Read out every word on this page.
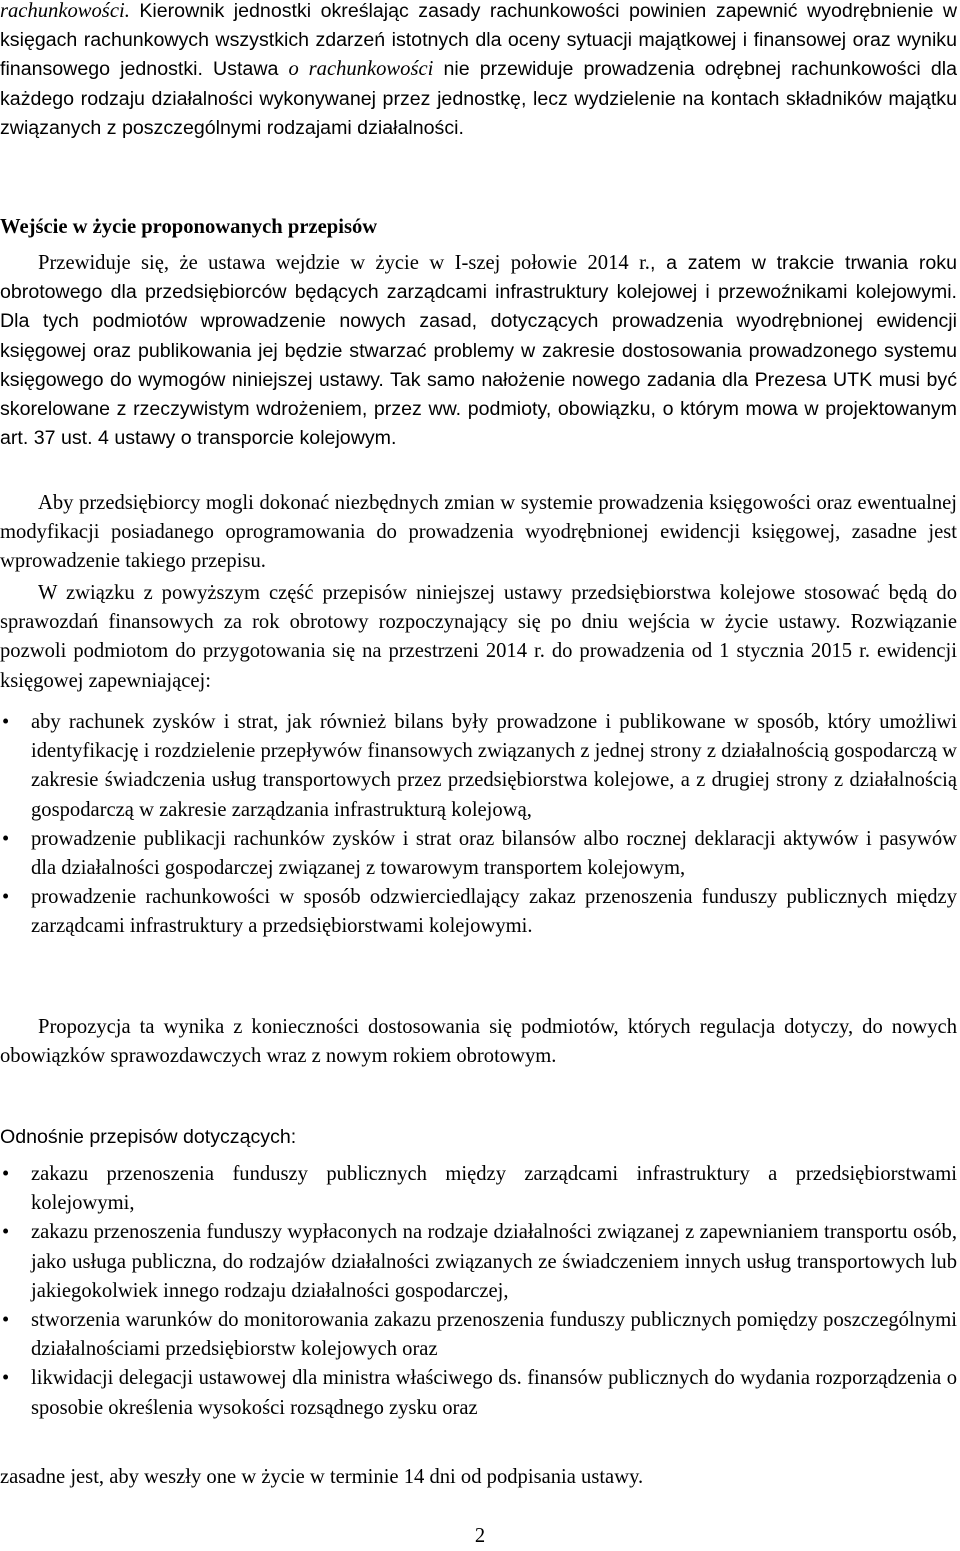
rachunkowości. Kierownik jednostki określając zasady rachunkowości powinien zapewnić wyodrębnienie w księgach rachunkowych wszystkich zdarzeń istotnych dla oceny sytuacji majątkowej i finansowej oraz wyniku finansowego jednostki. Ustawa o rachunkowości nie przewiduje prowadzenia odrębnej rachunkowości dla każdego rodzaju działalności wykonywanej przez jednostkę, lecz wydzielenie na kontach składników majątku związanych z poszczególnymi rodzajami działalności.

Wejście w życie proponowanych przepisów

Przewiduje się, że ustawa wejdzie w życie w I-szej połowie 2014 r., a zatem w trakcie trwania roku obrotowego dla przedsiębiorców będących zarządcami infrastruktury kolejowej i przewoźnikami kolejowymi. Dla tych podmiotów wprowadzenie nowych zasad, dotyczących prowadzenia wyodrębnionej ewidencji księgowej oraz publikowania jej będzie stwarzać problemy w zakresie dostosowania prowadzonego systemu księgowego do wymogów niniejszej ustawy. Tak samo nałożenie nowego zadania dla Prezesa UTK musi być skorelowane z rzeczywistym wdrożeniem, przez ww. podmioty, obowiązku, o którym mowa w projektowanym art. 37 ust. 4 ustawy o transporcie kolejowym.

Aby przedsiębiorcy mogli dokonać niezbędnych zmian w systemie prowadzenia księgowości oraz ewentualnej modyfikacji posiadanego oprogramowania do prowadzenia wyodrębnionej ewidencji księgowej, zasadne jest wprowadzenie takiego przepisu.

W związku z powyższym część przepisów niniejszej ustawy przedsiębiorstwa kolejowe stosować będą do sprawozdań finansowych za rok obrotowy rozpoczynający się po dniu wejścia w życie ustawy. Rozwiązanie pozwoli podmiotom do przygotowania się na przestrzeni 2014 r. do prowadzenia od 1 stycznia 2015 r. ewidencji księgowej zapewniającej:

• aby rachunek zysków i strat, jak również bilans były prowadzone i publikowane w sposób, który umożliwi identyfikację i rozdzielenie przepływów finansowych związanych z jednej strony z działalnością gospodarczą w zakresie świadczenia usług transportowych przez przedsiębiorstwa kolejowe, a z drugiej strony z działalnością gospodarczą w zakresie zarządzania infrastrukturą kolejową,
• prowadzenie publikacji rachunków zysków i strat oraz bilansów albo rocznej deklaracji aktywów i pasywów dla działalności gospodarczej związanej z towarowym transportem kolejowym,
• prowadzenie rachunkowości w sposób odzwierciedlający zakaz przenoszenia funduszy publicznych między zarządcami infrastruktury a przedsiębiorstwami kolejowymi.

Propozycja ta wynika z konieczności dostosowania się podmiotów, których regulacja dotyczy, do nowych obowiązków sprawozdawczych wraz z nowym rokiem obrotowym.

Odnośnie przepisów dotyczących:

• zakazu przenoszenia funduszy publicznych między zarządcami infrastruktury a przedsiębiorstwami kolejowymi,
• zakazu przenoszenia funduszy wypłaconych na rodzaje działalności związanej z zapewnianiem transportu osób, jako usługa publiczna, do rodzajów działalności związanych ze świadczeniem innych usług transportowych lub jakiegokolwiek innego rodzaju działalności gospodarczej,
• stworzenia warunków do monitorowania zakazu przenoszenia funduszy publicznych pomiędzy poszczególnymi działalnościami przedsiębiorstw kolejowych oraz
• likwidacji delegacji ustawowej dla ministra właściwego ds. finansów publicznych do wydania rozporządzenia o sposobie określenia wysokości rozsądnego zysku oraz

zasadne jest, aby weszły one w życie w terminie 14 dni od podpisania ustawy.

2
